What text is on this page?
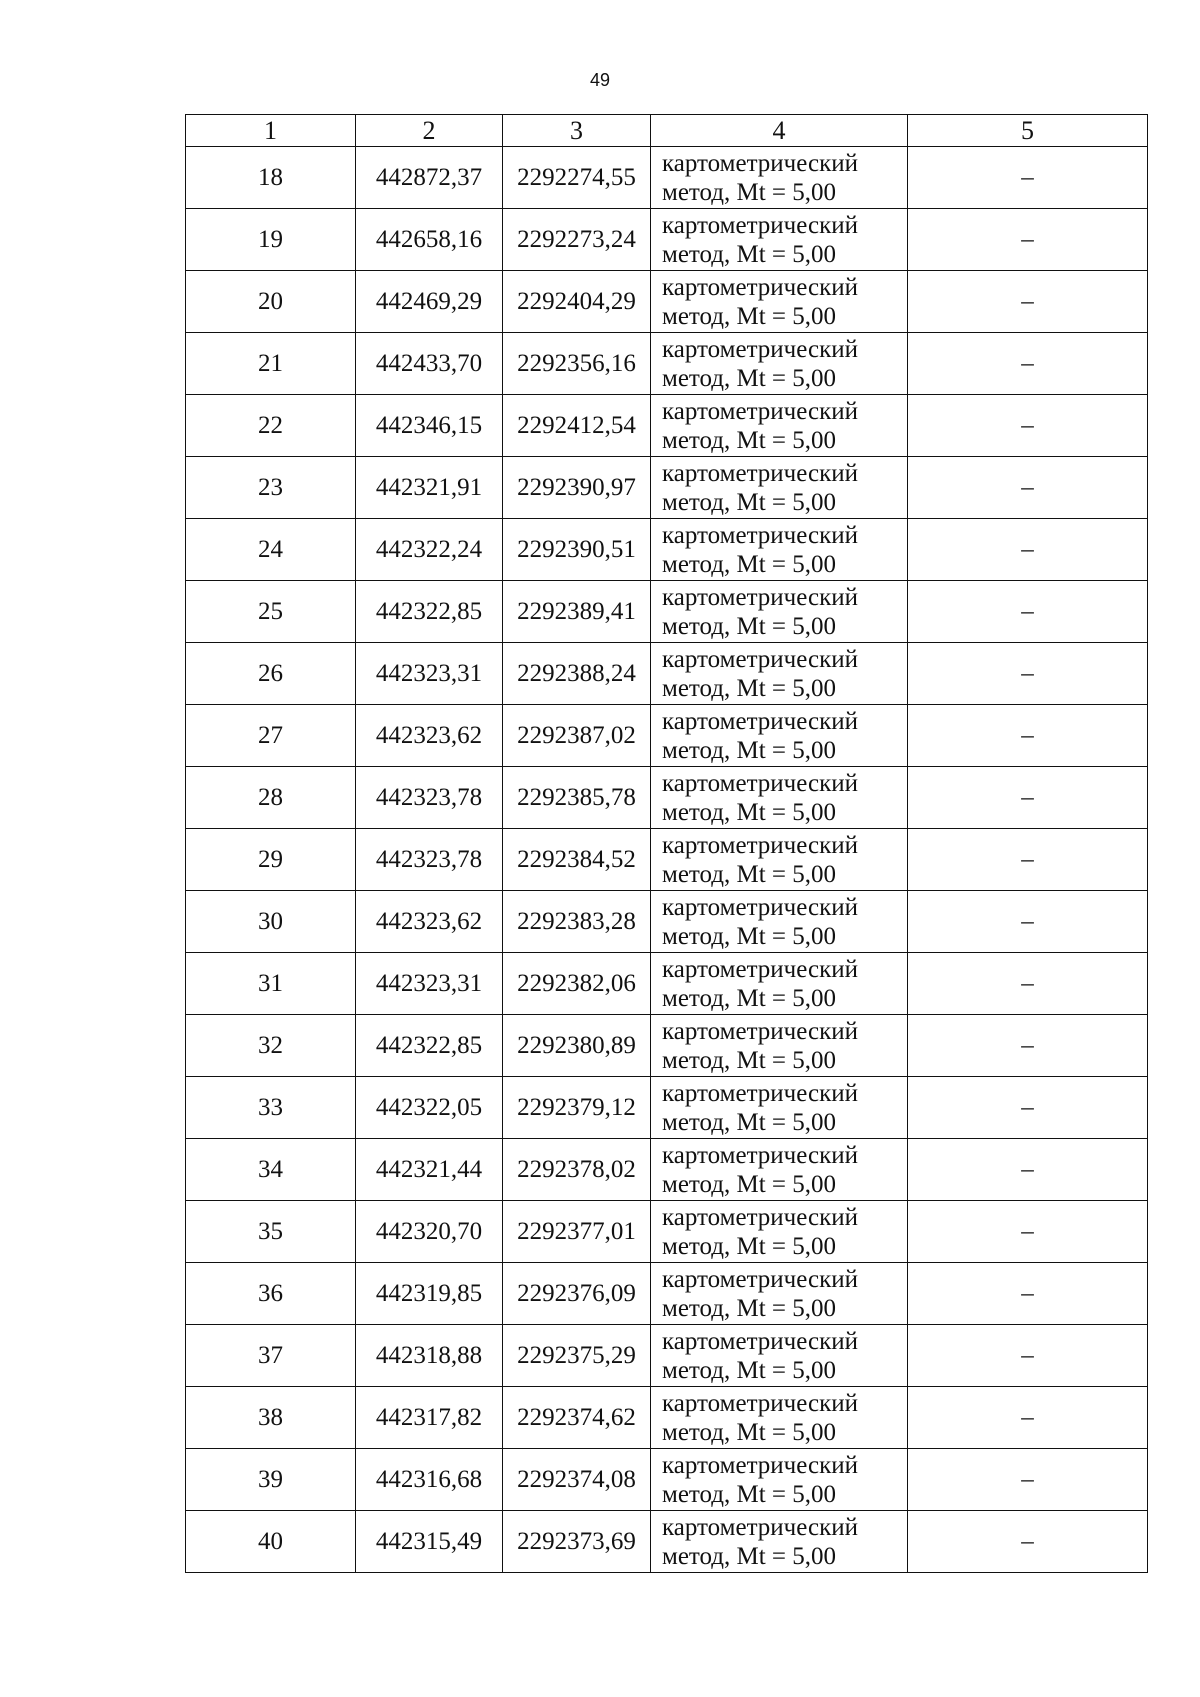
49
1	2	3	4	5
18	442872,37	2292274,55	картометрический
метод, Mt = 5,00	–
19	442658,16	2292273,24	картометрический
метод, Mt = 5,00	–
20	442469,29	2292404,29	картометрический
метод, Mt = 5,00	–
21	442433,70	2292356,16	картометрический
метод, Mt = 5,00	–
22	442346,15	2292412,54	картометрический
метод, Mt = 5,00	–
23	442321,91	2292390,97	картометрический
метод, Mt = 5,00	–
24	442322,24	2292390,51	картометрический
метод, Mt = 5,00	–
25	442322,85	2292389,41	картометрический
метод, Mt = 5,00	–
26	442323,31	2292388,24	картометрический
метод, Mt = 5,00	–
27	442323,62	2292387,02	картометрический
метод, Mt = 5,00	–
28	442323,78	2292385,78	картометрический
метод, Mt = 5,00	–
29	442323,78	2292384,52	картометрический
метод, Mt = 5,00	–
30	442323,62	2292383,28	картометрический
метод, Mt = 5,00	–
31	442323,31	2292382,06	картометрический
метод, Mt = 5,00	–
32	442322,85	2292380,89	картометрический
метод, Mt = 5,00	–
33	442322,05	2292379,12	картометрический
метод, Mt = 5,00	–
34	442321,44	2292378,02	картометрический
метод, Mt = 5,00	–
35	442320,70	2292377,01	картометрический
метод, Mt = 5,00	–
36	442319,85	2292376,09	картометрический
метод, Mt = 5,00	–
37	442318,88	2292375,29	картометрический
метод, Mt = 5,00	–
38	442317,82	2292374,62	картометрический
метод, Mt = 5,00	–
39	442316,68	2292374,08	картометрический
метод, Mt = 5,00	–
40	442315,49	2292373,69	картометрический
метод, Mt = 5,00	–
